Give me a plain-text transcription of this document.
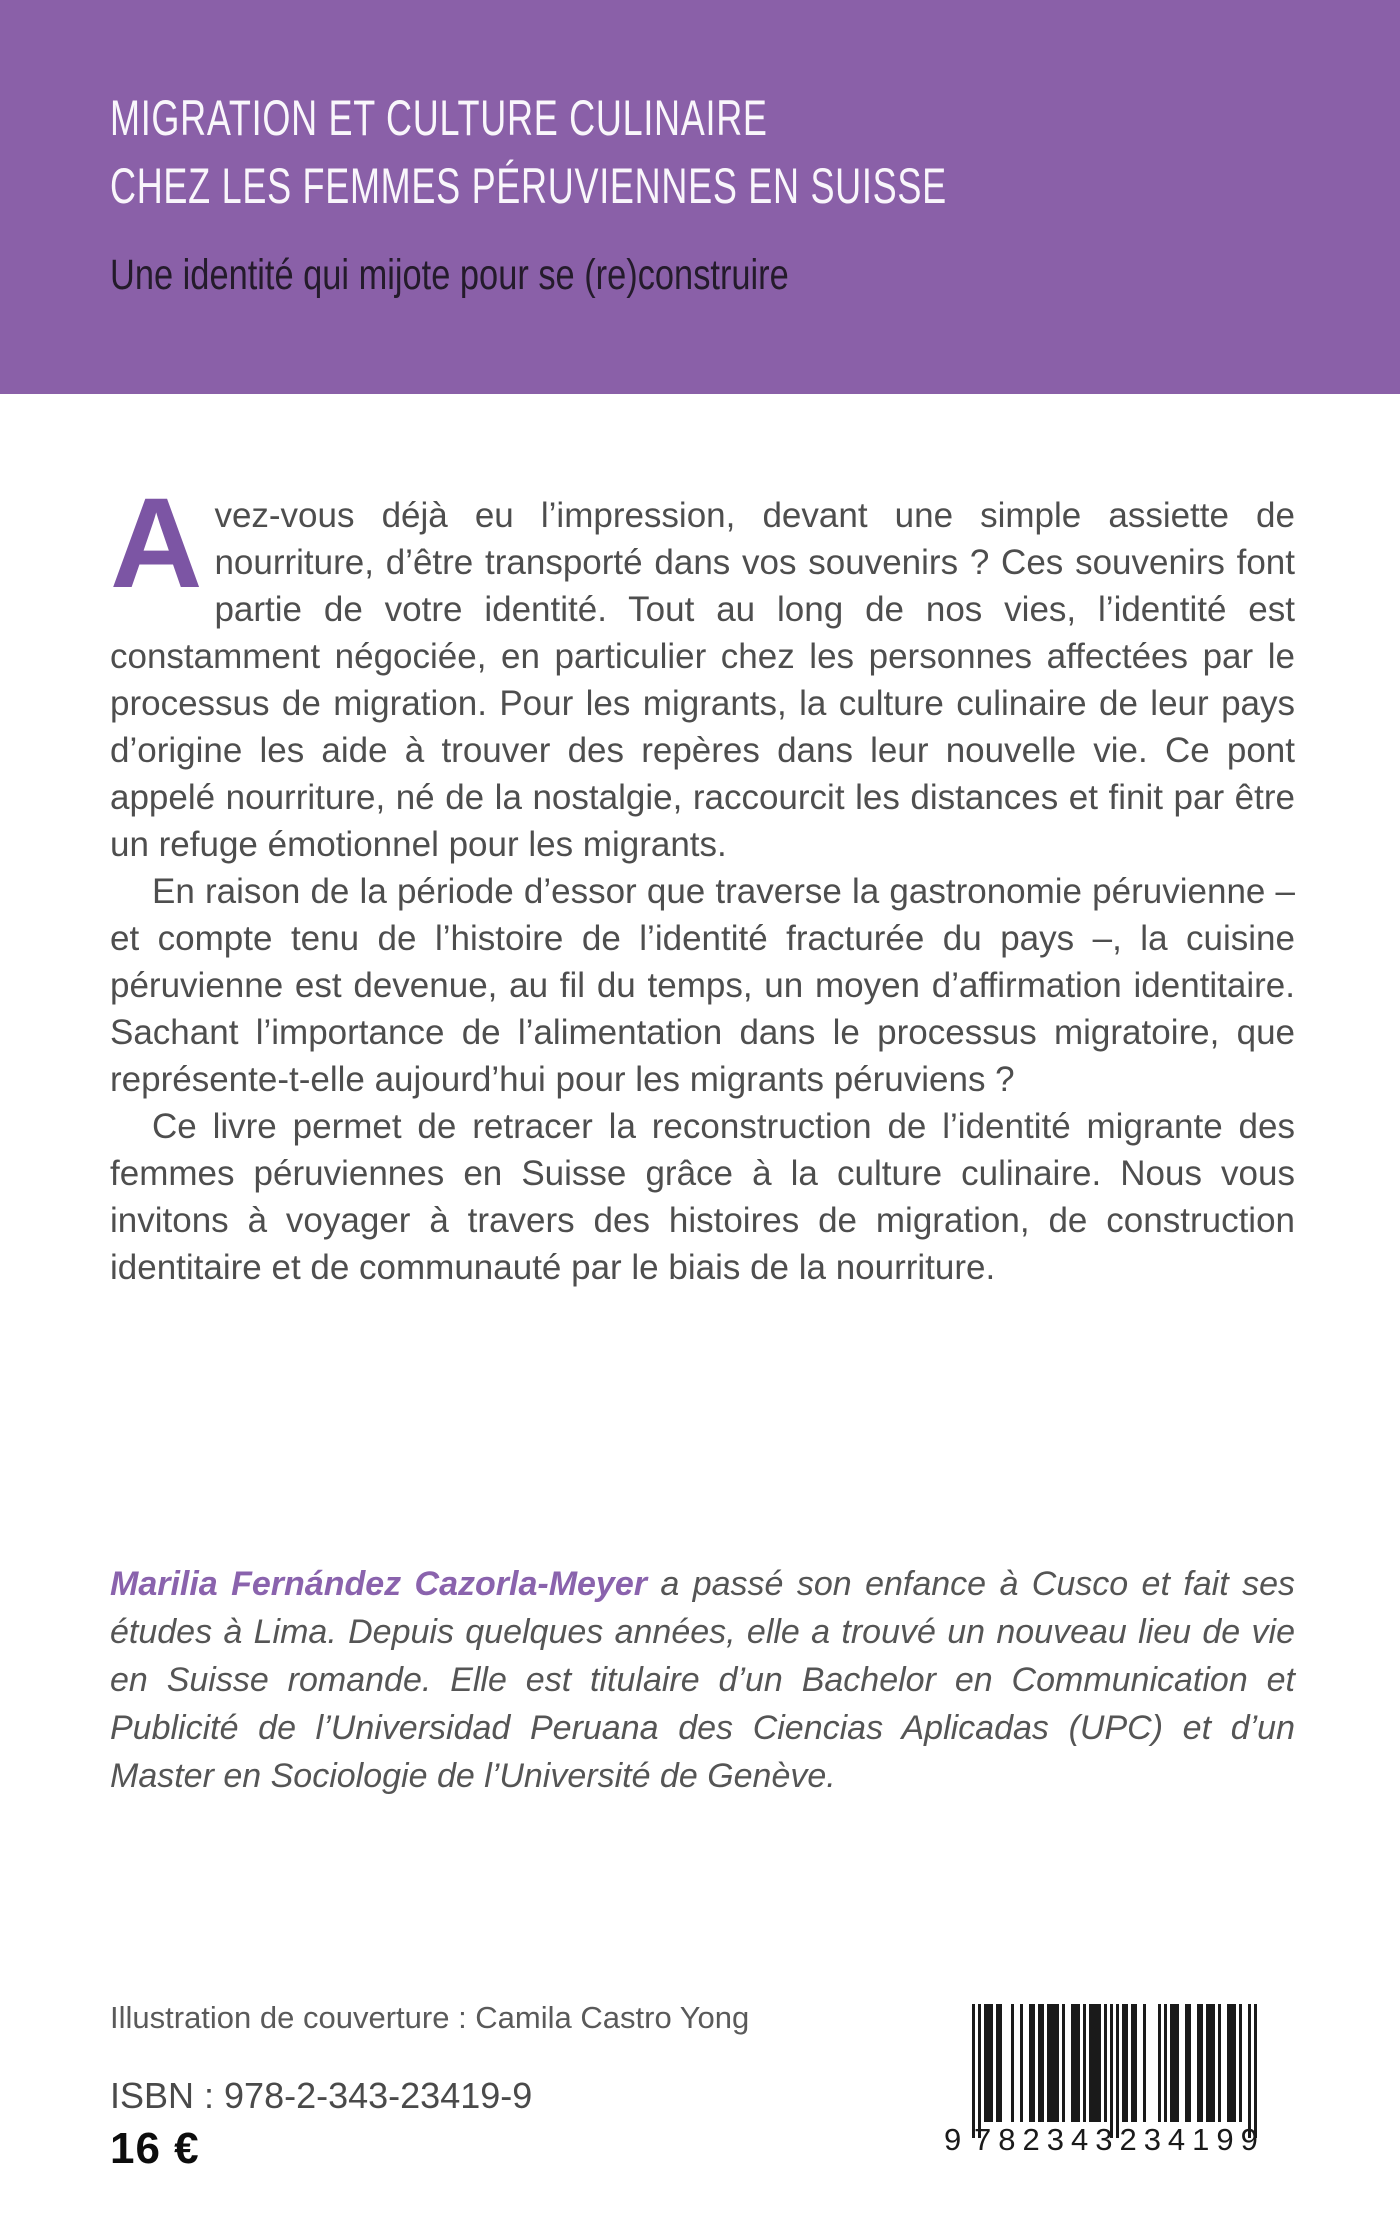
MIGRATION ET CULTURE CULINAIRE
CHEZ LES FEMMES PÉRUVIENNES EN SUISSE
Une identité qui mijote pour se (re)construire

A vez-vous déjà eu l’impression, devant une simple assiette de nourriture, d’être transporté dans vos souvenirs ? Ces souvenirs font partie de votre identité. Tout au long de nos vies, l’identité est constamment négociée, en particulier chez les personnes affectées par le processus de migration. Pour les migrants, la culture culinaire de leur pays d’origine les aide à trouver des repères dans leur nouvelle vie. Ce pont appelé nourriture, né de la nostalgie, raccourcit les distances et finit par être un refuge émotionnel pour les migrants.

En raison de la période d’essor que traverse la gastronomie péruvienne – et compte tenu de l’histoire de l’identité fracturée du pays –, la cuisine péruvienne est devenue, au fil du temps, un moyen d’affirmation identitaire. Sachant l’importance de l’alimentation dans le processus migratoire, que représente-t-elle aujourd’hui pour les migrants péruviens ?

Ce livre permet de retracer la reconstruction de l’identité migrante des femmes péruviennes en Suisse grâce à la culture culinaire. Nous vous invitons à voyager à travers des histoires de migration, de construction identitaire et de communauté par le biais de la nourriture.

Marilia Fernández Cazorla-Meyer a passé son enfance à Cusco et fait ses études à Lima. Depuis quelques années, elle a trouvé un nouveau lieu de vie en Suisse romande. Elle est titulaire d’un Bachelor en Communication et Publicité de l’Universidad Peruana des Ciencias Aplicadas (UPC) et d’un Master en Sociologie de l’Université de Genève.
Illustration de couverture : Camila Castro Yong
ISBN : 978-2-343-23419-9
16 €	9 782343 234199
